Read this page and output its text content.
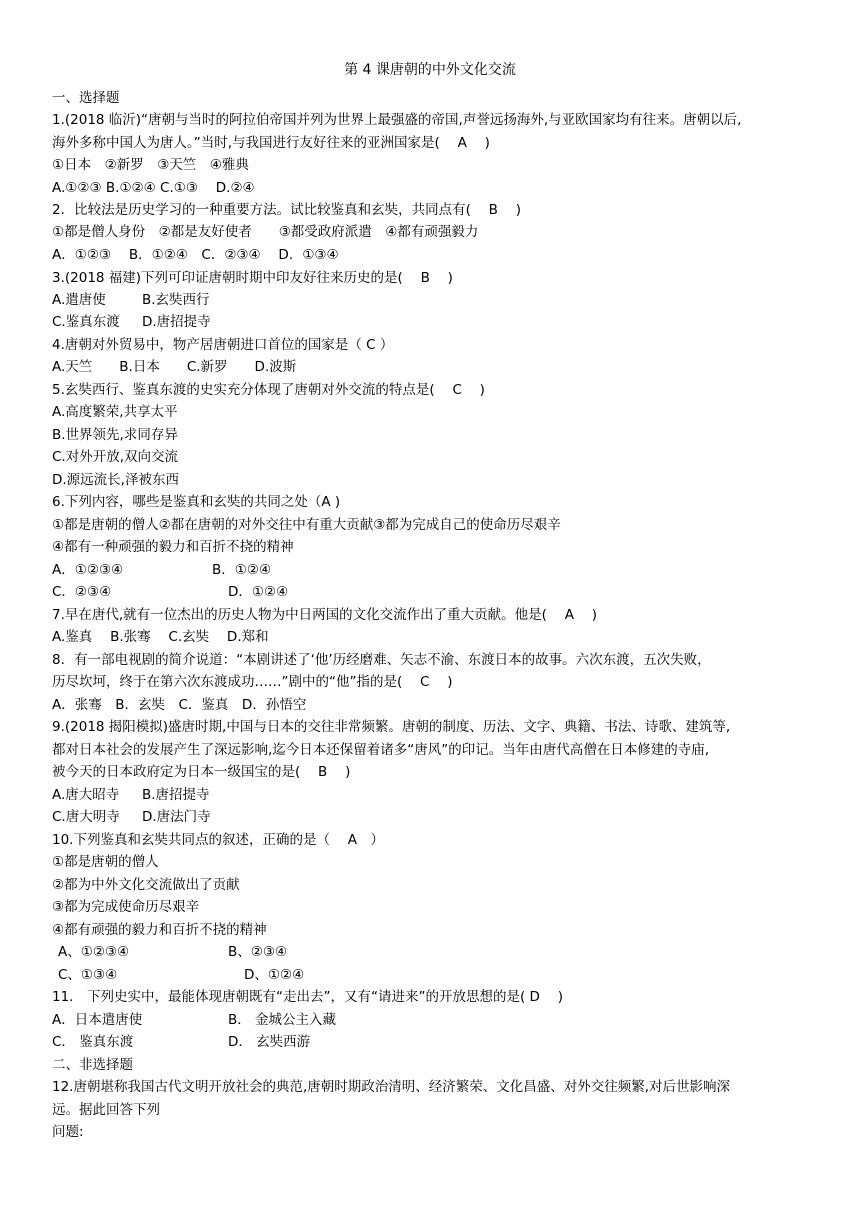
第 4 课唐朝的中外文化交流
一、选择题
1.(2018 临沂)“唐朝与当时的阿拉伯帝国并列为世界上最强盛的帝国,声誉远扬海外,与亚欧国家均有往来。唐朝以后,
海外多称中国人为唐人。”当时,与我国进行友好往来的亚洲国家是(　 A 　)
①日本　②新罗　③天竺　④雅典
A.①②③ B.①②④ C.①③　 D.②④
2．比较法是历史学习的一种重要方法。试比较鉴真和玄奘，共同点有(　 B 　)
①都是僧人身份　②都是友好使者　　③都受政府派遣　④都有顽强毅力
A．①②③　 B．①②④　C．②③④　 D．①③④
3.(2018 福建)下列可印证唐朝时期中印友好往来历史的是(　 B 　)
A.遣唐使	B.玄奘西行
C.鉴真东渡 D.唐招提寺
4.唐朝对外贸易中，物产居唐朝进口首位的国家是（ C ）
A.天竺　　B.日本　　C.新罗　　D.波斯
5.玄奘西行、鉴真东渡的史实充分体现了唐朝对外交流的特点是(　 C 　)
A.高度繁荣,共享太平
B.世界领先,求同存异
C.对外开放,双向交流
D.源远流长,泽被东西
6.下列内容，哪些是鉴真和玄奘的共同之处（A )
①都是唐朝的僧人②都在唐朝的对外交往中有重大贡献③都为完成自己的使命历尽艰辛
④都有一种顽强的毅力和百折不挠的精神
A．①②③④	B．①②④
C．②③④	D．①②④
7.早在唐代,就有一位杰出的历史人物为中日两国的文化交流作出了重大贡献。他是(　 A 　)
A.鉴真　 B.张骞　 C.玄奘　 D.郑和
8．有一部电视剧的简介说道：“本剧讲述了‘他’历经磨难、矢志不渝、东渡日本的故事。六次东渡，五次失败，
历尽坎坷，终于在第六次东渡成功……”剧中的“他”指的是(　 C 　)
A．张骞　B．玄奘　C．鉴真　D．孙悟空
9.(2018 揭阳模拟)盛唐时期,中国与日本的交往非常频繁。唐朝的制度、历法、文字、典籍、书法、诗歌、建筑等,
都对日本社会的发展产生了深远影响,迄今日本还保留着诸多“唐风”的印记。当年由唐代高僧在日本修建的寺庙,
被今天的日本政府定为日本一级国宝的是(　 B 　)
A.唐大昭寺 B.唐招提寺
C.唐大明寺 D.唐法门寺
10.下列鉴真和玄奘共同点的叙述，正确的是（　 A　）
①都是唐朝的僧人
②都为中外文化交流做出了贡献
③都为完成使命历尽艰辛
④都有顽强的毅力和百折不挠的精神
A、①②③④	B、②③④
C、①③④	D、①②④
11． 下列史实中，最能体现唐朝既有“走出去”，又有“请进来”的开放思想的是( D 　)
A．日本遣唐使	B． 金城公主入藏
C． 鉴真东渡	D． 玄奘西游
二、非选择题
12.唐朝堪称我国古代文明开放社会的典范,唐朝时期政治清明、经济繁荣、文化昌盛、对外交往频繁,对后世影响深
远。据此回答下列
问题:
